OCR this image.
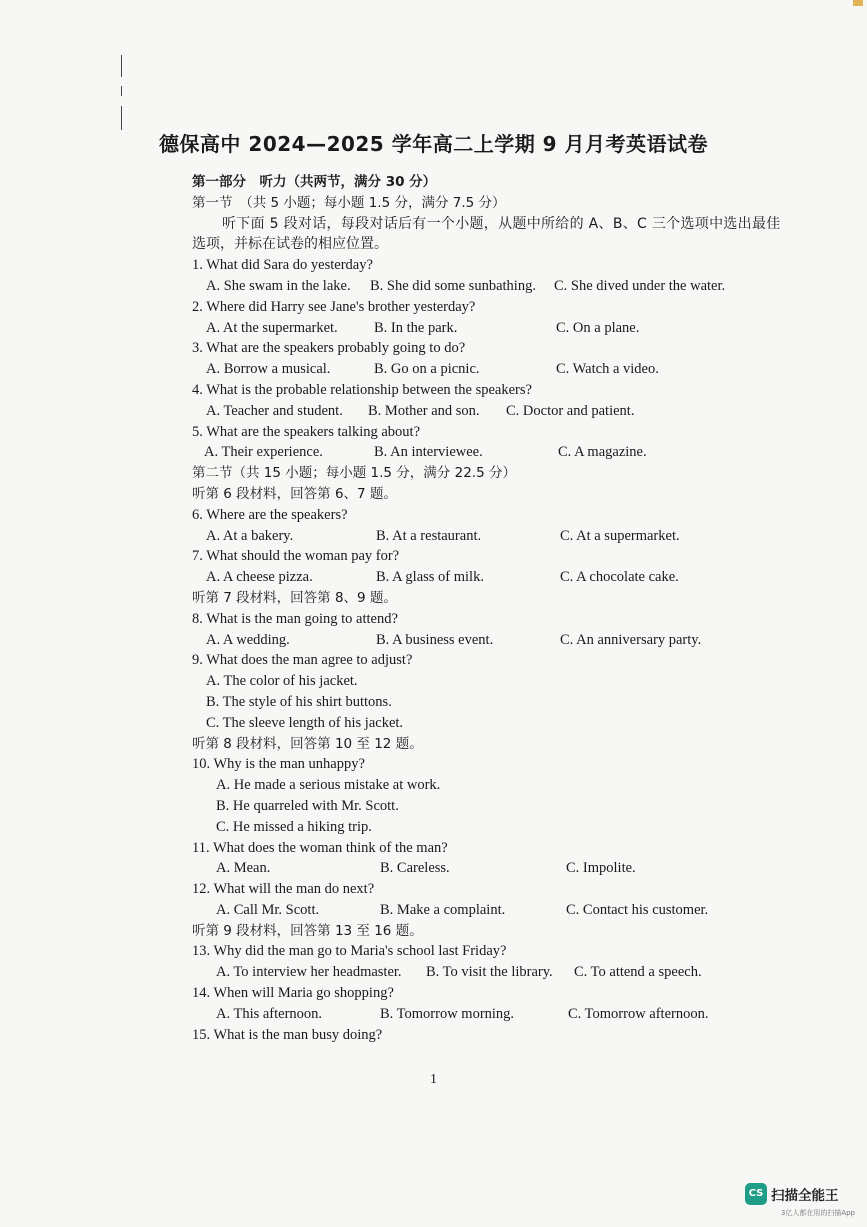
德保高中 2024—2025 学年高二上学期 9 月月考英语试卷
第一部分　听力（共两节，满分 30 分）
第一节　（共 5 小题；每小题 1.5 分，满分 7.5 分）
听下面 5 段对话，每段对话后有一个小题，从题中所给的 A、B、C 三个选项中选出最佳
选项，并标在试卷的相应位置。
1. What did Sara do yesterday?
A. She swam in the lake. B. She did some sunbathing. C. She dived under the water.
2. Where did Harry see Jane's brother yesterday?
A. At the supermarket.	B. In the park.	C. On a plane.
3. What are the speakers probably going to do?
A. Borrow a musical.	B. Go on a picnic.	C. Watch a video.
4. What is the probable relationship between the speakers?
A. Teacher and student. B. Mother and son. C. Doctor and patient.
5. What are the speakers talking about?
A. Their experience.	B. An interviewee.	C. A magazine.
第二节（共 15 小题；每小题 1.5 分，满分 22.5 分）
听第 6 段材料，回答第 6、7 题。
6. Where are the speakers?
A. At a bakery.	B. At a restaurant.	C. At a supermarket.
7. What should the woman pay for?
A. A cheese pizza.	B. A glass of milk.	C. A chocolate cake.
听第 7 段材料，回答第 8、9 题。
8. What is the man going to attend?
A. A wedding.	B. A business event.	C. An anniversary party.
9. What does the man agree to adjust?
A. The color of his jacket.
B. The style of his shirt buttons.
C. The sleeve length of his jacket.
听第 8 段材料，回答第 10 至 12 题。
10. Why is the man unhappy?
A. He made a serious mistake at work.
B. He quarreled with Mr. Scott.
C. He missed a hiking trip.
11. What does the woman think of the man?
A. Mean.	B. Careless.	C. Impolite.
12. What will the man do next?
A. Call Mr. Scott.	B. Make a complaint.	C. Contact his customer.
听第 9 段材料，回答第 13 至 16 题。
13. Why did the man go to Maria's school last Friday?
A. To interview her headmaster. B. To visit the library. C. To attend a speech.
14. When will Maria go shopping?
A. This afternoon.	B. Tomorrow morning.	C. Tomorrow afternoon.
15. What is the man busy doing?
1
CS 扫描全能王
3亿人都在用的扫描App
